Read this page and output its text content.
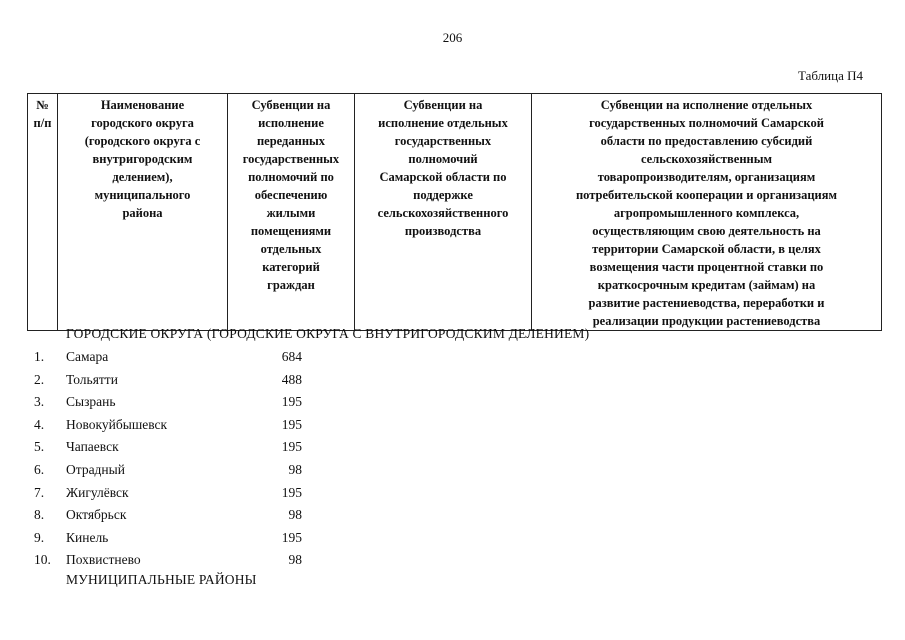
206
Таблица П4
№
п/п	Наименование
городского округа
(городского округа с
внутригородским
делением),
муниципального
района	Субвенции на
исполнение
переданных
государственных
полномочий по
обеспечению
жилыми
помещениями
отдельных
категорий
граждан	Субвенции на
исполнение отдельных
государственных
полномочий
Самарской области по
поддержке
сельскохозяйственного
производства	Субвенции на исполнение отдельных
государственных полномочий Самарской
области по предоставлению субсидий
сельскохозяйственным
товаропроизводителям, организациям
потребительской кооперации и организациям
агропромышленного комплекса,
осуществляющим свою деятельность на
территории Самарской области, в целях
возмещения части процентной ставки по
краткосрочным кредитам (займам) на
развитие растениеводства, переработки и
реализации продукции растениеводства
ГОРОДСКИЕ ОКРУГА (ГОРОДСКИЕ ОКРУГА С ВНУТРИГОРОДСКИМ ДЕЛЕНИЕМ)
1.	Самара	684
2.	Тольятти	488
3.	Сызрань	195
4.	Новокуйбышевск	195
5.	Чапаевск	195
6.	Отрадный	98
7.	Жигулёвск	195
8.	Октябрьск	98
9.	Кинель	195
10. Похвистнево	98
МУНИЦИПАЛЬНЫЕ РАЙОНЫ
